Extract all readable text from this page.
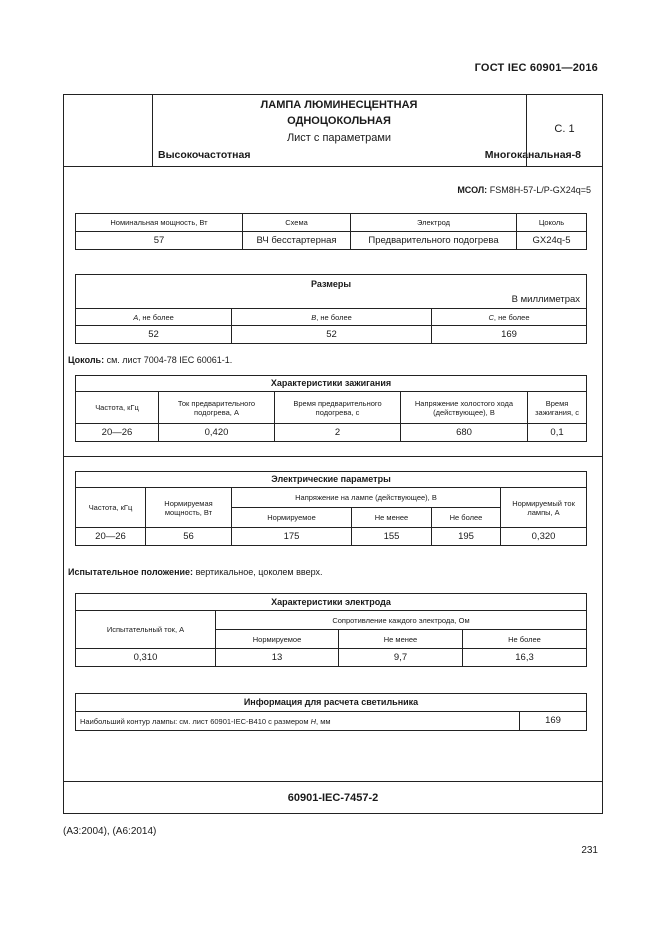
ГОСТ IEC 60901—2016
ЛАМПА ЛЮМИНЕСЦЕНТНАЯ
ОДНОЦОКОЛЬНАЯ
Лист с параметрами
Высокочастотная	Многоканальная-8
С. 1
МСОЛ: FSM8H-57-L/P-GX24q=5
Номинальная мощность, Вт	Схема	Электрод	Цоколь
57	ВЧ бесстартерная	Предварительного подогрева	GX24q-5
Размеры
В миллиметрах		

A, не более	B, не более	C, не более
52	52	169
Цоколь: см. лист 7004-78 IEC 60061-1.
Характеристики зажигания				
Частота, кГц	Ток предварительного подогрева, А	Время предварительного подогрева, с	Напряжение холостого хода (действующее), В	Время зажигания, с
20—26	0,420	2	680	0,1
Электрические параметры					
Частота, кГц	Нормируемая мощность, Вт	Напряжение на лампе (действующее), В			Нормируемый ток лампы, А
		Нормируемое	Не менее	Не более	
20—26	56	175	155	195	0,320
Испытательное положение: вертикальное, цоколем вверх.
Характеристики электрода			
Испытательный ток, А	Сопротивление каждого электрода, Ом		
	Нормируемое	Не менее	Не более
0,310	13	9,7	16,3
Информация для расчета светильника
Наибольший контур лампы: см. лист 60901-IEC-B410 с размером H, мм	169
60901-IEC-7457-2
(А3:2004), (А6:2014)
231
